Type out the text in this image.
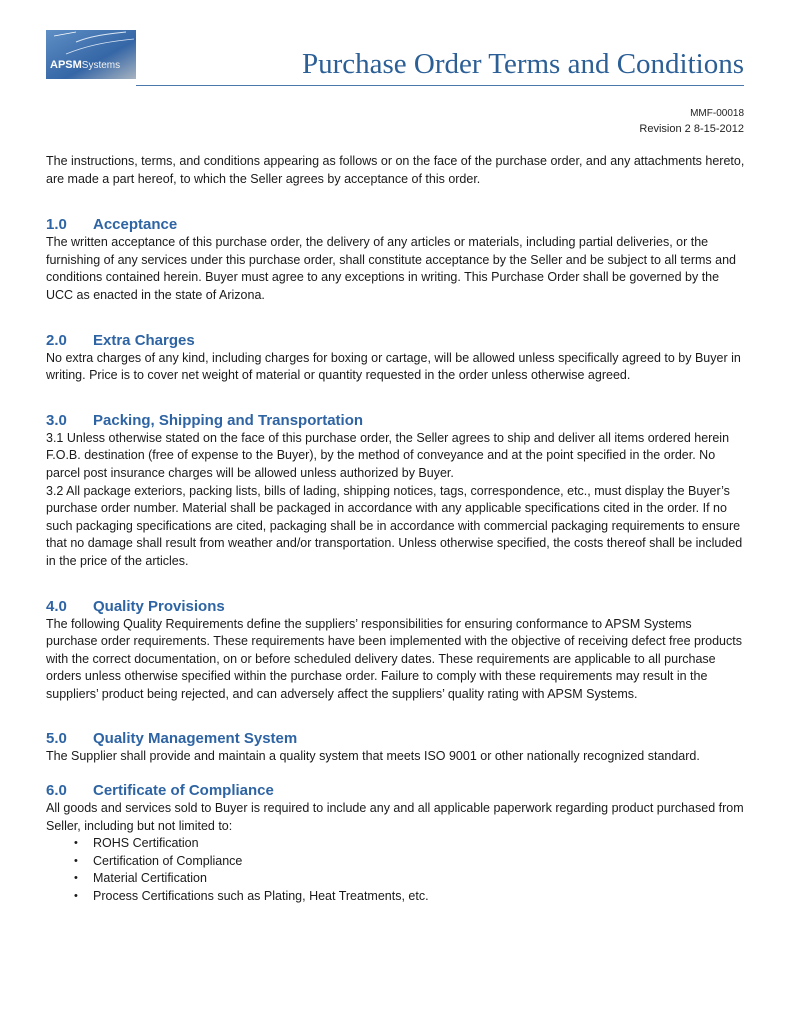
APSMSystems	Purchase Order Terms and Conditions
MMF-00018
Revision 2 8-15-2012

The instructions, terms, and conditions appearing as follows or on the face of the purchase order, and any attachments hereto, are made a part hereof, to which the Seller agrees by acceptance of this order.

1.0 Acceptance

The written acceptance of this purchase order, the delivery of any articles or materials, including partial deliveries, or the furnishing of any services under this purchase order, shall constitute acceptance by the Seller and be subject to all terms and conditions contained herein. Buyer must agree to any exceptions in writing. This Purchase Order shall be governed by the UCC as enacted in the state of Arizona.

2.0 Extra Charges

No extra charges of any kind, including charges for boxing or cartage, will be allowed unless specifically agreed to by Buyer in writing. Price is to cover net weight of material or quantity requested in the order unless otherwise agreed.

3.0 Packing, Shipping and Transportation

3.1 Unless otherwise stated on the face of this purchase order, the Seller agrees to ship and deliver all items ordered herein F.O.B. destination (free of expense to the Buyer), by the method of conveyance and at the point specified in the order. No parcel post insurance charges will be allowed unless authorized by Buyer.

3.2 All package exteriors, packing lists, bills of lading, shipping notices, tags, correspondence, etc., must display the Buyer’s purchase order number. Material shall be packaged in accordance with any applicable specifications cited in the order. If no such packaging specifications are cited, packaging shall be in accordance with commercial packaging requirements to ensure that no damage shall result from weather and/or transportation. Unless otherwise specified, the costs thereof shall be included in the price of the articles.

4.0 Quality Provisions

The following Quality Requirements define the suppliers’ responsibilities for ensuring conformance to APSM Systems purchase order requirements. These requirements have been implemented with the objective of receiving defect free products with the correct documentation, on or before scheduled delivery dates. These requirements are applicable to all purchase orders unless otherwise specified within the purchase order. Failure to comply with these requirements may result in the suppliers’ product being rejected, and can adversely affect the suppliers’ quality rating with APSM Systems.

5.0 Quality Management System

The Supplier shall provide and maintain a quality system that meets ISO 9001 or other nationally recognized standard.

6.0 Certificate of Compliance

All goods and services sold to Buyer is required to include any and all applicable paperwork regarding product purchased from

Seller, including but not limited to:

• ROHS Certification
• Certification of Compliance
• Material Certification
• Process Certifications such as Plating, Heat Treatments, etc.
